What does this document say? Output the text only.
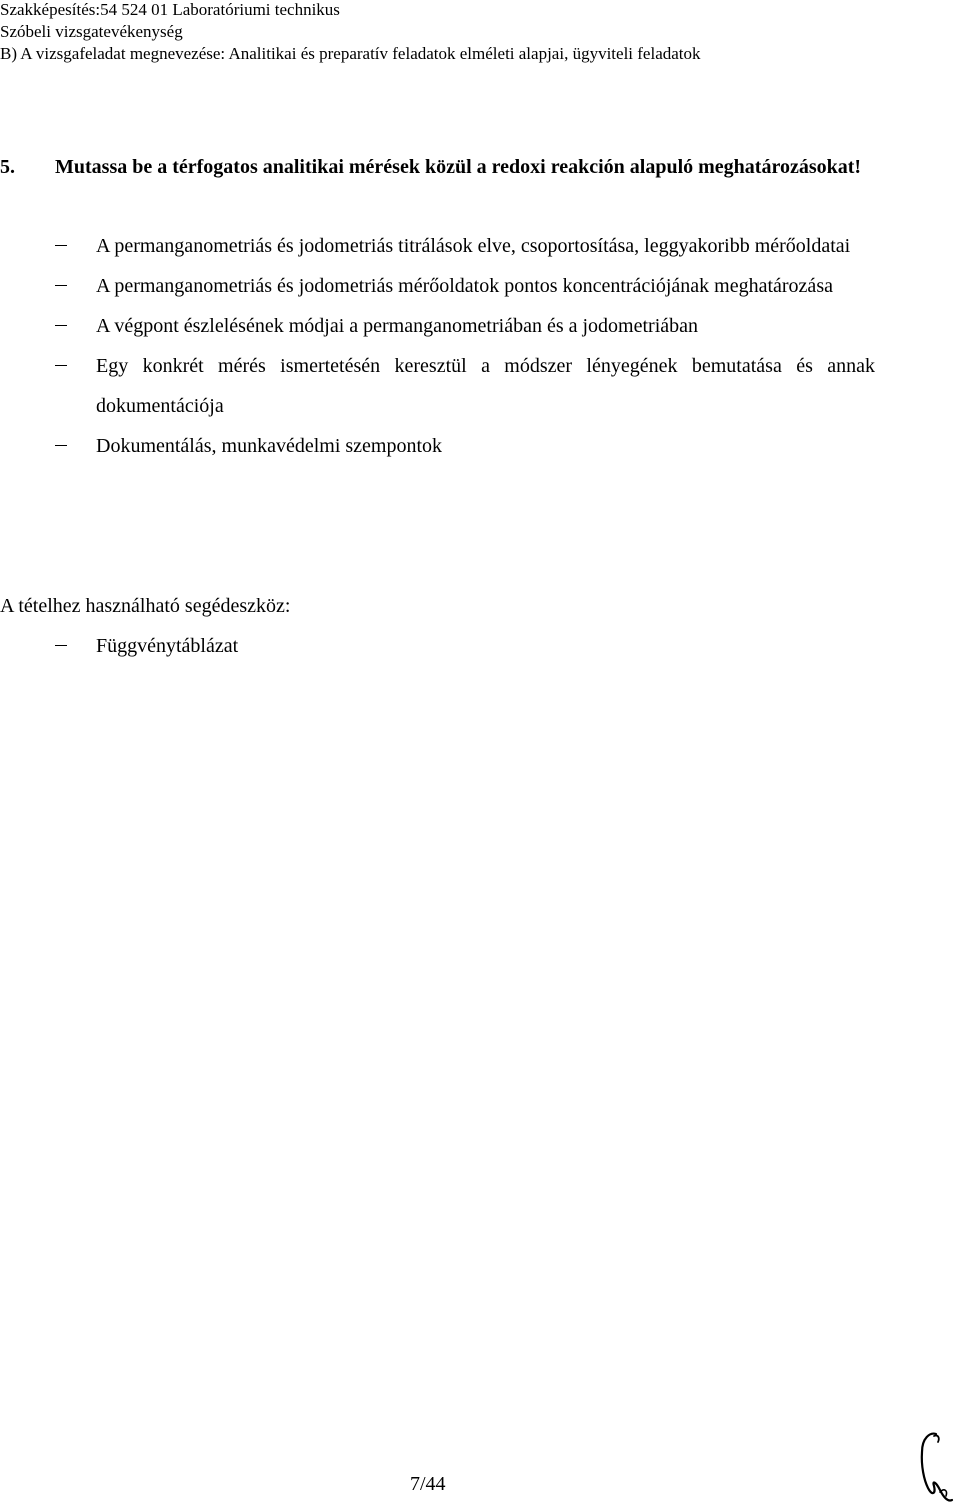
Szakképesítés:54 524 01 Laboratóriumi technikus
Szóbeli vizsgatevékenység
B) A vizsgafeladat megnevezése: Analitikai és preparatív feladatok elméleti alapjai, ügyviteli feladatok
5. Mutassa be a térfogatos analitikai mérések közül a redoxi reakción alapuló meghatározásokat!
A permanganometriás és jodometriás titrálások elve, csoportosítása, leggyakoribb mérőoldatai
A permanganometriás és jodometriás mérőoldatok pontos koncentrációjának meghatározása
A végpont észlelésének módjai a permanganometriában és a jodometriában
Egy konkrét mérés ismertetésén keresztül a módszer lényegének bemutatása és annak dokumentációja
Dokumentálás, munkavédelmi szempontok
A tételhez használható segédeszköz:
Függvénytáblázat
7/44
